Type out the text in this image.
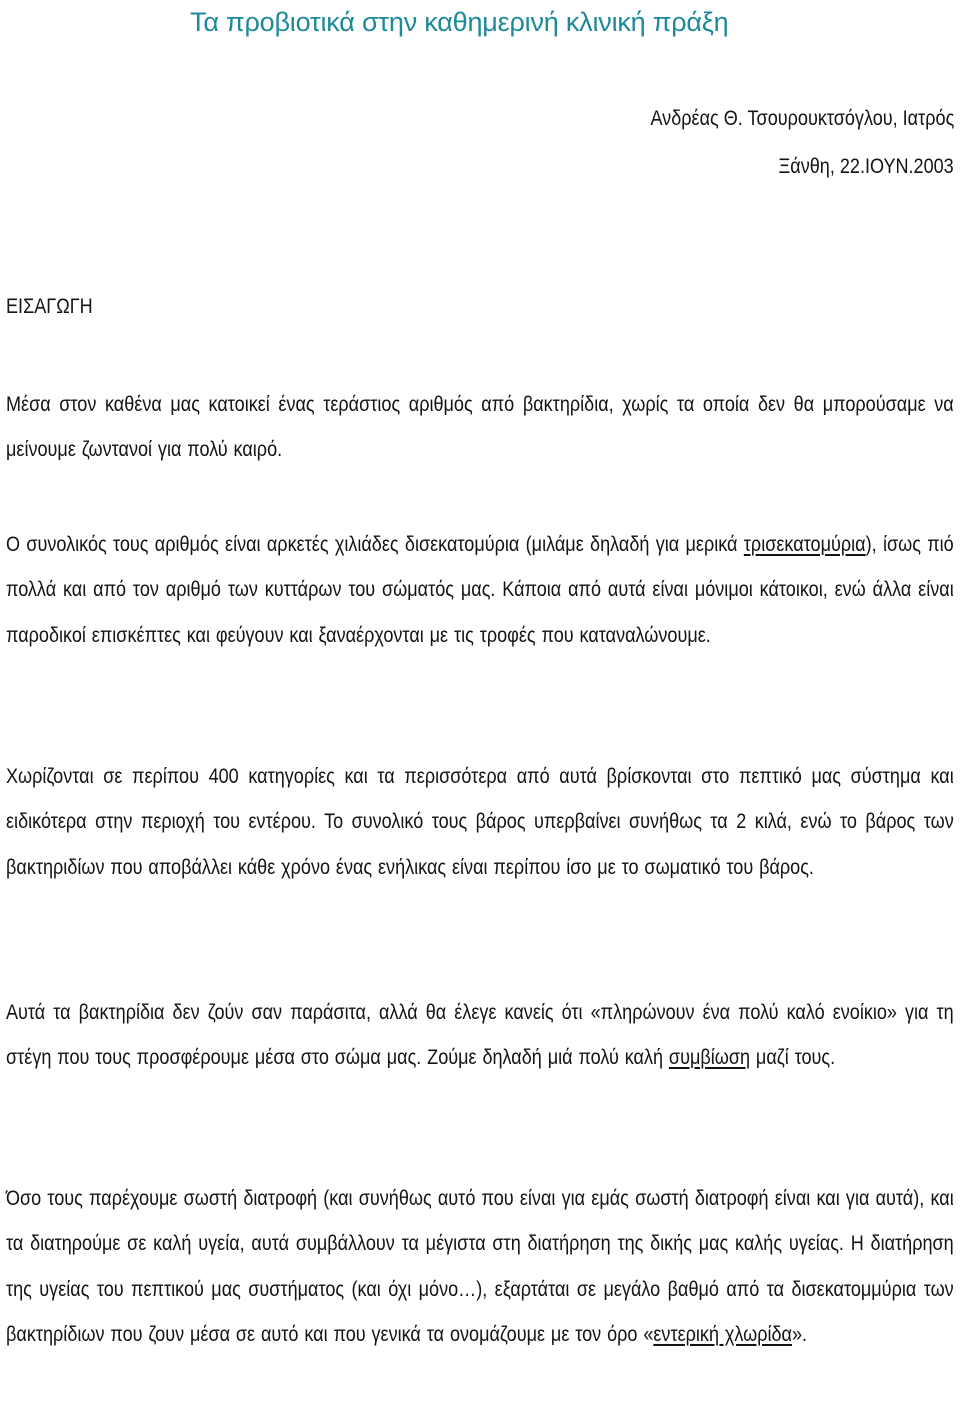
Τα προβιοτικά στην καθημερινή κλινική πράξη
Ανδρέας Θ. Τσουρουκτσόγλου, Ιατρός
Ξάνθη, 22.ΙΟΥΝ.2003
ΕΙΣΑΓΩΓΗ
Μέσα στον καθένα μας κατοικεί ένας τεράστιος αριθμός από βακτηρίδια, χωρίς τα οποία δεν θα μπορούσαμε να μείνουμε ζωντανοί για πολύ καιρό.
Ο συνολικός τους αριθμός είναι αρκετές χιλιάδες δισεκατομύρια (μιλάμε δηλαδή για μερικά τρισεκατομύρια), ίσως πιό πολλά και από τον αριθμό των κυττάρων του σώματός μας. Κάποια από αυτά είναι μόνιμοι κάτοικοι, ενώ άλλα είναι παροδικοί επισκέπτες και φεύγουν και ξαναέρχονται με τις τροφές που καταναλώνουμε.
Χωρίζονται σε περίπου 400 κατηγορίες και τα περισσότερα από αυτά βρίσκονται στο πεπτικό μας σύστημα και ειδικότερα στην περιοχή του εντέρου. Το συνολικό τους βάρος υπερβαίνει συνήθως τα 2 κιλά, ενώ το βάρος των βακτηριδίων που αποβάλλει κάθε χρόνο ένας ενήλικας είναι περίπου ίσο με το σωματικό του βάρος.
Αυτά τα βακτηρίδια δεν ζούν σαν παράσιτα, αλλά θα έλεγε κανείς ότι «πληρώνουν ένα πολύ καλό ενοίκιο» για τη στέγη που τους προσφέρουμε μέσα στο σώμα μας. Ζούμε δηλαδή μιά πολύ καλή συμβίωση μαζί τους.
Όσο τους παρέχουμε σωστή διατροφή (και συνήθως αυτό που είναι για εμάς σωστή διατροφή είναι και για αυτά), και τα διατηρούμε σε καλή υγεία, αυτά συμβάλλουν τα μέγιστα στη διατήρηση της δικής μας καλής υγείας. Η διατήρηση της υγείας του πεπτικού μας συστήματος (και όχι μόνο…), εξαρτάται σε μεγάλο βαθμό από τα δισεκατομμύρια των βακτηρίδιων που ζουν μέσα σε αυτό και που γενικά τα ονομάζουμε με τον όρο «εντερική χλωρίδα».
